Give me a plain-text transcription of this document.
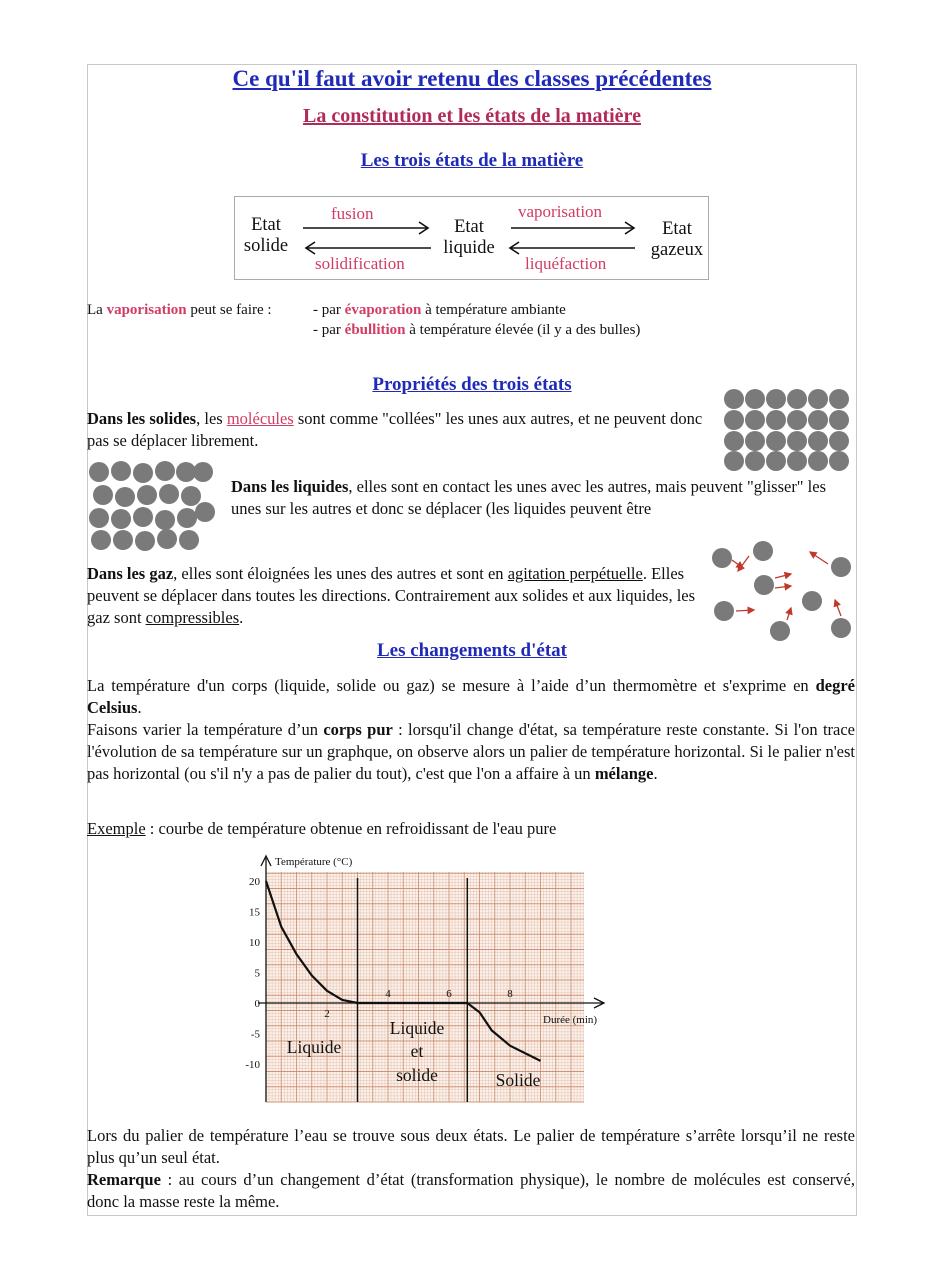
Ce qu'il faut avoir retenu des classes précédentes
La constitution et les états de la matière
Les trois états de la matière
Etat
solide
Etat
liquide
Etat
gazeux
fusion
solidification
vaporisation
liquéfaction
La vaporisation peut se faire :	- par évaporation à température ambiante
- par ébullition à température élevée (il y a des bulles)
Propriétés des trois états
Dans les solides, les molécules sont comme "collées" les unes aux autres, et ne peuvent donc pas se déplacer librement.
Dans les liquides, elles sont en contact les unes avec les autres, mais peuvent "glisser" les unes sur les autres et donc se déplacer (les liquides peuvent être
Dans les gaz, elles sont éloignées les unes des autres et sont en agitation perpétuelle. Elles peuvent se déplacer dans toutes les directions. Contrairement aux solides et aux liquides, les gaz sont compressibles.
Les changements d'état
La température d'un corps (liquide, solide ou gaz) se mesure à l’aide d’un thermomètre et s'exprime en degré Celsius.
Faisons varier la température d’un corps pur : lorsqu'il change d'état, sa température reste constante. Si l'on trace l'évolution de sa température sur un graphque, on observe alors un palier de température horizontal. Si le palier n'est pas horizontal (ou s'il n'y a pas de palier du tout), c'est que l'on a affaire à un mélange.
Exemple : courbe de température obtenue en refroidissant de l'eau pure
20
15
10
5
0
-5
-10
2
4	6	8
Température (°C)
Durée (min)
Liquide
Liquide
et
solide	Solide
Lors du palier de température l’eau se trouve sous deux états. Le palier de température s’arrête lorsqu’il ne reste plus qu’un seul état.
Remarque : au cours d’un changement d’état (transformation physique), le nombre de molécules est conservé, donc la masse reste la même.
